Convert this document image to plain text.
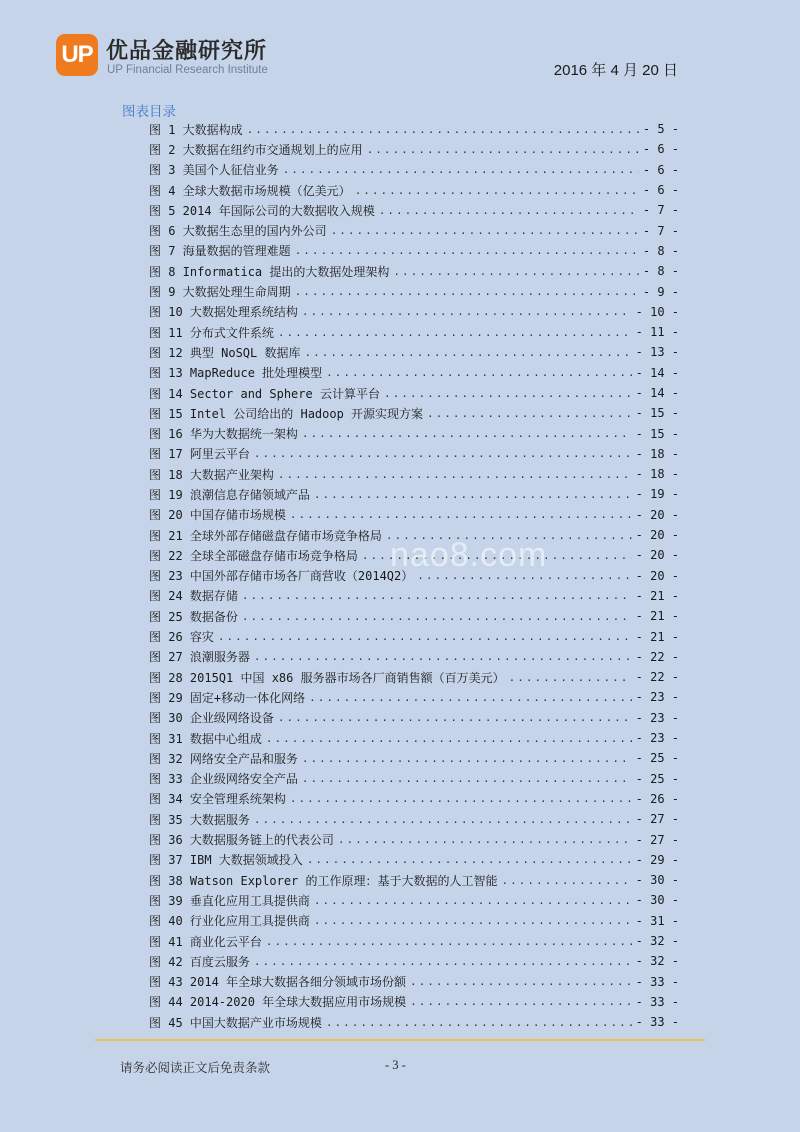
UP 优品金融研究所
UP Financial Research Institute	2016 年 4 月 20 日
图表目录
图 1 大数据构成 .....	- 5 -
图 2 大数据在纽约市交通规划上的应用 .....	- 6 -
图 3 美国个人征信业务 .....	- 6 -
图 4 全球大数据市场规模（亿美元） .....	- 6 -
图 5 2014 年国际公司的大数据收入规模 .....	- 7 -
图 6 大数据生态里的国内外公司 .....	- 7 -
图 7 海量数据的管理难题 .....	- 8 -
图 8 Informatica 提出的大数据处理架构 .....	- 8 -
图 9 大数据处理生命周期 .....	- 9 -
图 10 大数据处理系统结构 .....	- 10 -
图 11 分布式文件系统 .....	- 11 -
图 12 典型 NoSQL 数据库 .....	- 13 -
图 13 MapReduce 批处理模型 .....	- 14 -
图 14 Sector and Sphere 云计算平台 .....	- 14 -
图 15 Intel 公司给出的 Hadoop 开源实现方案 .....	- 15 -
图 16 华为大数据统一架构 .....	- 15 -
图 17 阿里云平台 .....	- 18 -
图 18 大数据产业架构 .....	- 18 -
图 19 浪潮信息存储领域产品 .....	- 19 -
图 20 中国存储市场规模 .....	- 20 -
图 21 全球外部存储磁盘存储市场竞争格局 .....	- 20 -
图 22 全球全部磁盘存储市场竞争格局 .....	- 20 -
图 23 中国外部存储市场各厂商营收（2014Q2） .....	- 20 -
图 24 数据存储 .....	- 21 -
图 25 数据备份 .....	- 21 -
图 26 容灾 .....	- 21 -
图 27 浪潮服务器 .....	- 22 -
图 28 2015Q1 中国 x86 服务器市场各厂商销售额（百万美元） .....	- 22 -
图 29 固定+移动一体化网络 .....	- 23 -
图 30 企业级网络设备 .....	- 23 -
图 31 数据中心组成 .....	- 23 -
图 32 网络安全产品和服务 .....	- 25 -
图 33 企业级网络安全产品 .....	- 25 -
图 34 安全管理系统架构 .....	- 26 -
图 35 大数据服务 .....	- 27 -
图 36 大数据服务链上的代表公司 .....	- 27 -
图 37 IBM 大数据领域投入 .....	- 29 -
图 38 Watson Explorer 的工作原理：基于大数据的人工智能 .....	- 30 -
图 39 垂直化应用工具提供商 .....	- 30 -
图 40 行业化应用工具提供商 .....	- 31 -
图 41 商业化云平台 .....	- 32 -
图 42 百度云服务 .....	- 32 -
图 43 2014 年全球大数据各细分领域市场份额 .....	- 33 -
图 44 2014-2020 年全球大数据应用市场规模 .....	- 33 -
图 45 中国大数据产业市场规模 .....	- 33 -
nao8.com
请务必阅读正文后免责条款	- 3 -
